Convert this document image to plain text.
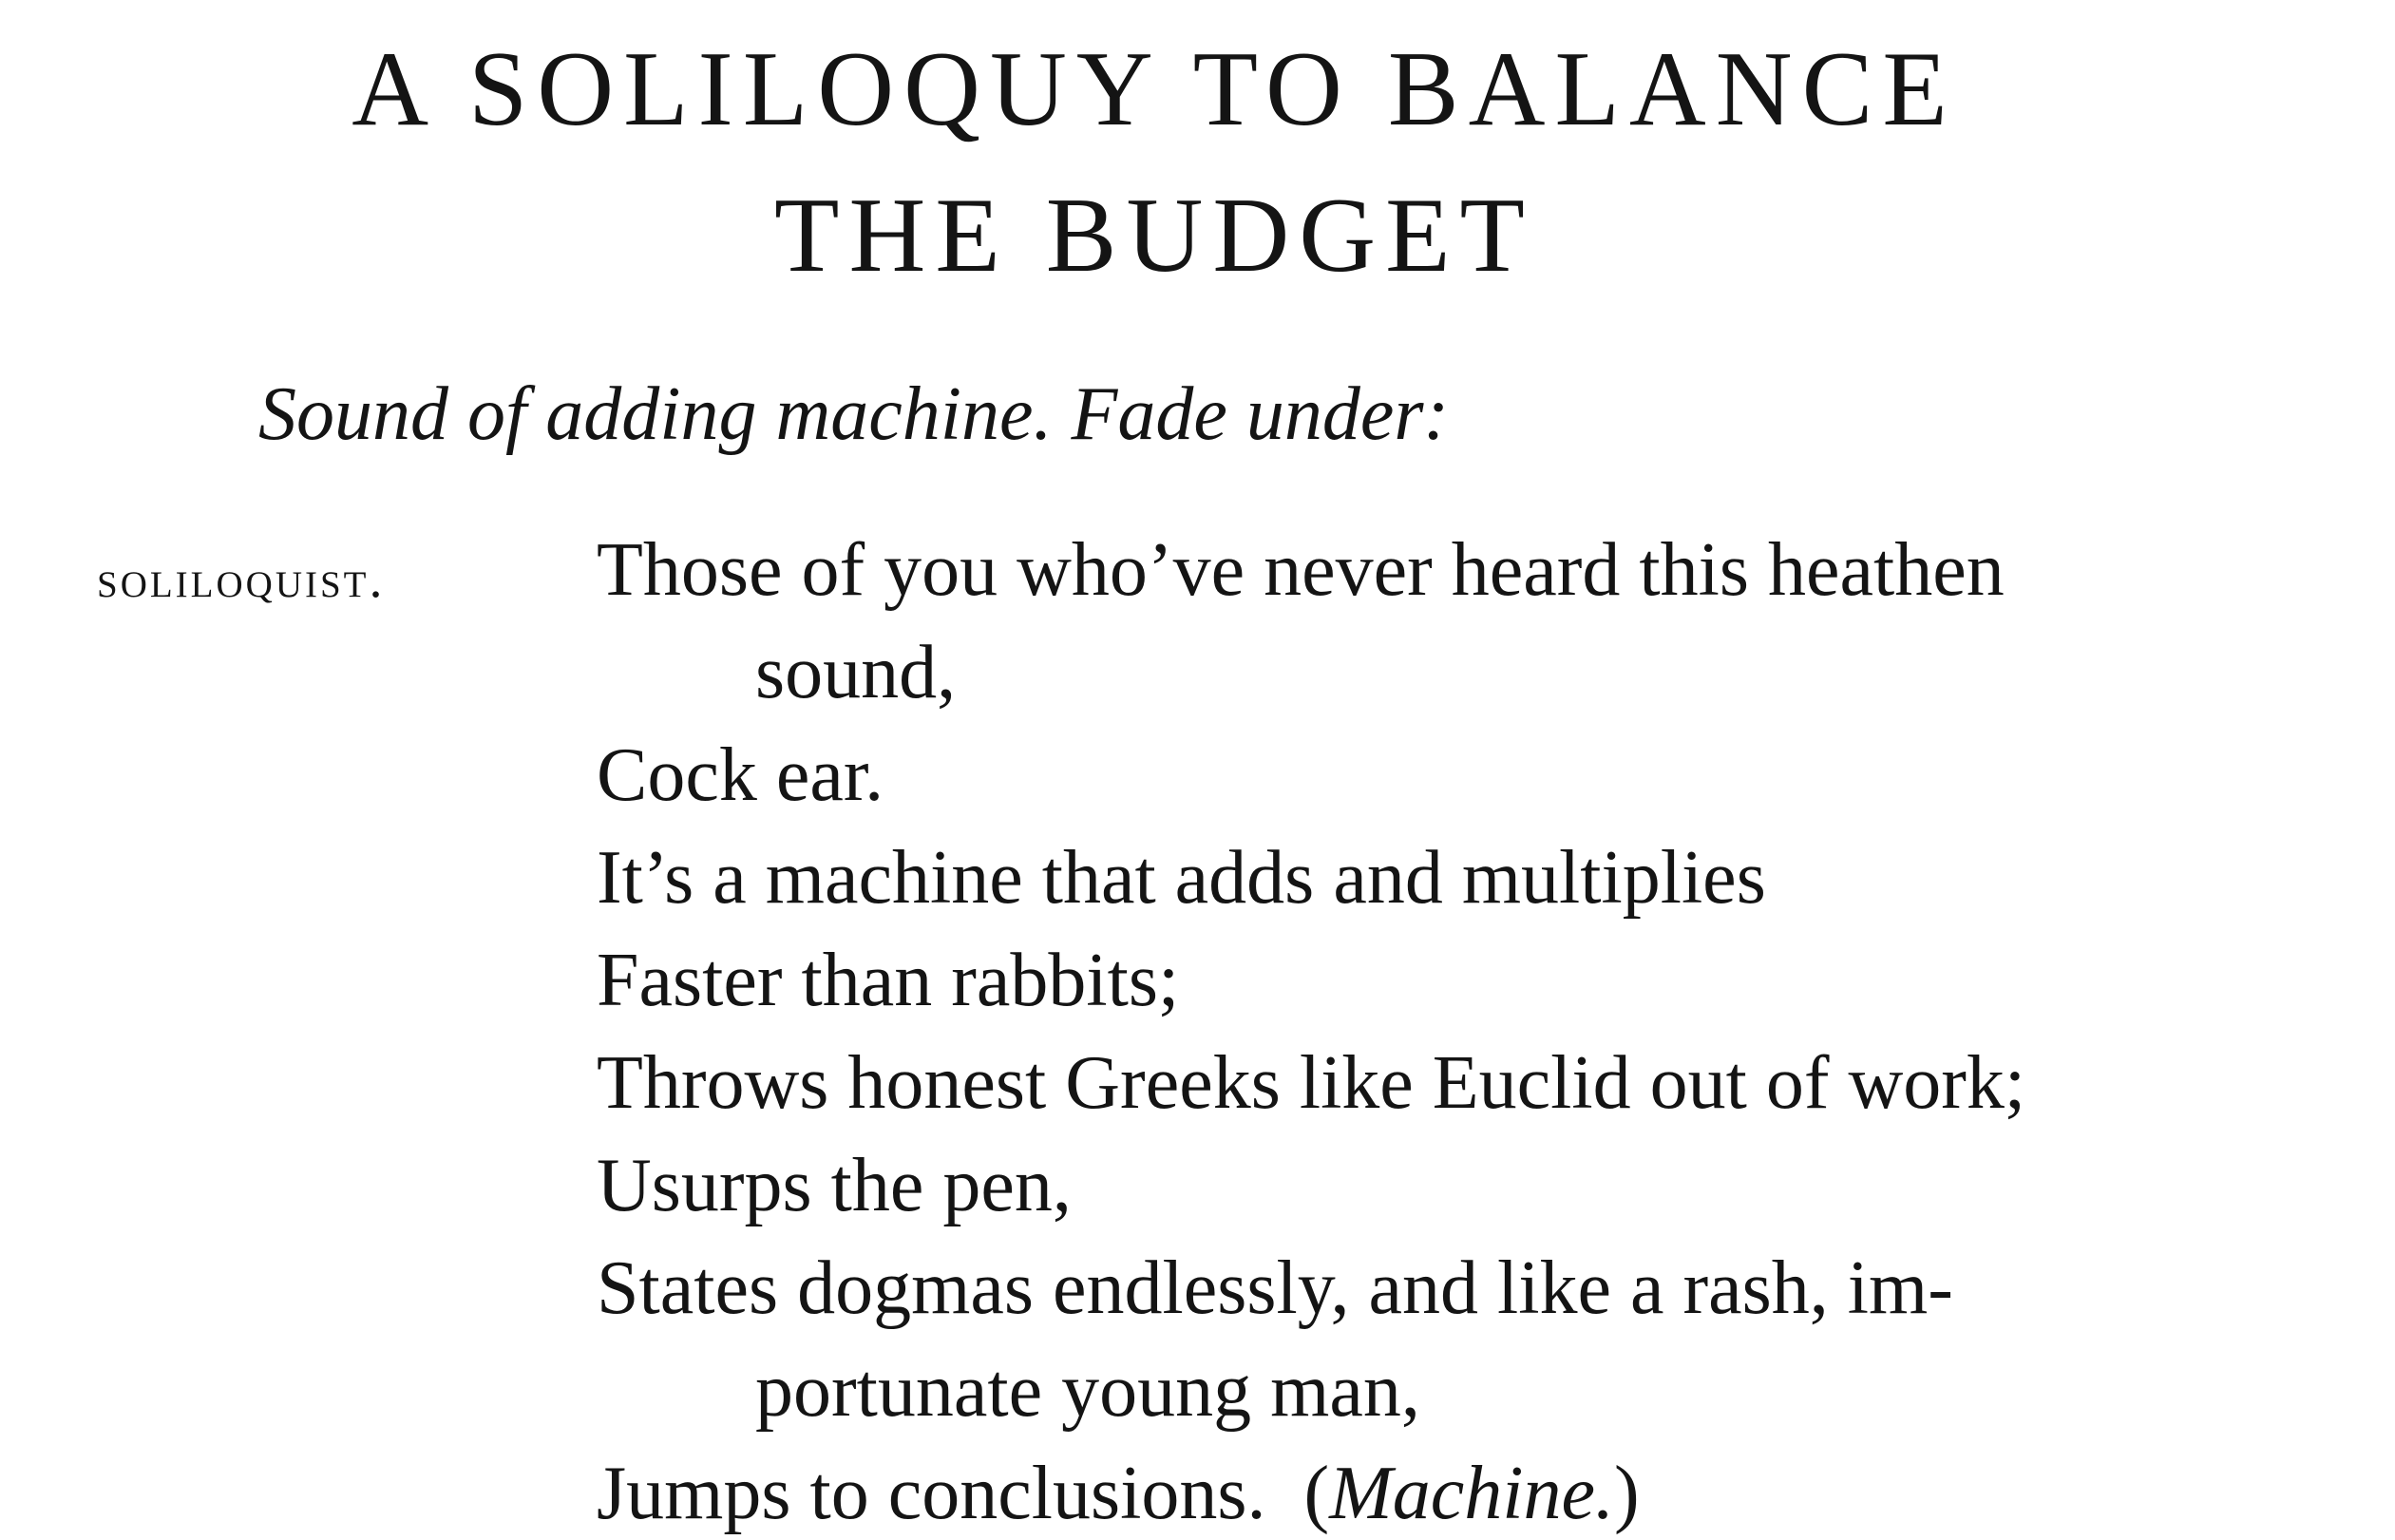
A SOLILOQUY TO BALANCE
THE BUDGET
Sound of adding machine. Fade under:
soliloquist.	Those of you who’ve never heard this heathen
sound,
Cock ear.
It’s a machine that adds and multiplies
Faster than rabbits;
Throws honest Greeks like Euclid out of work;
Usurps the pen,
States dogmas endlessly, and like a rash, im-
portunate young man,
Jumps to conclusions. (Machine.)
